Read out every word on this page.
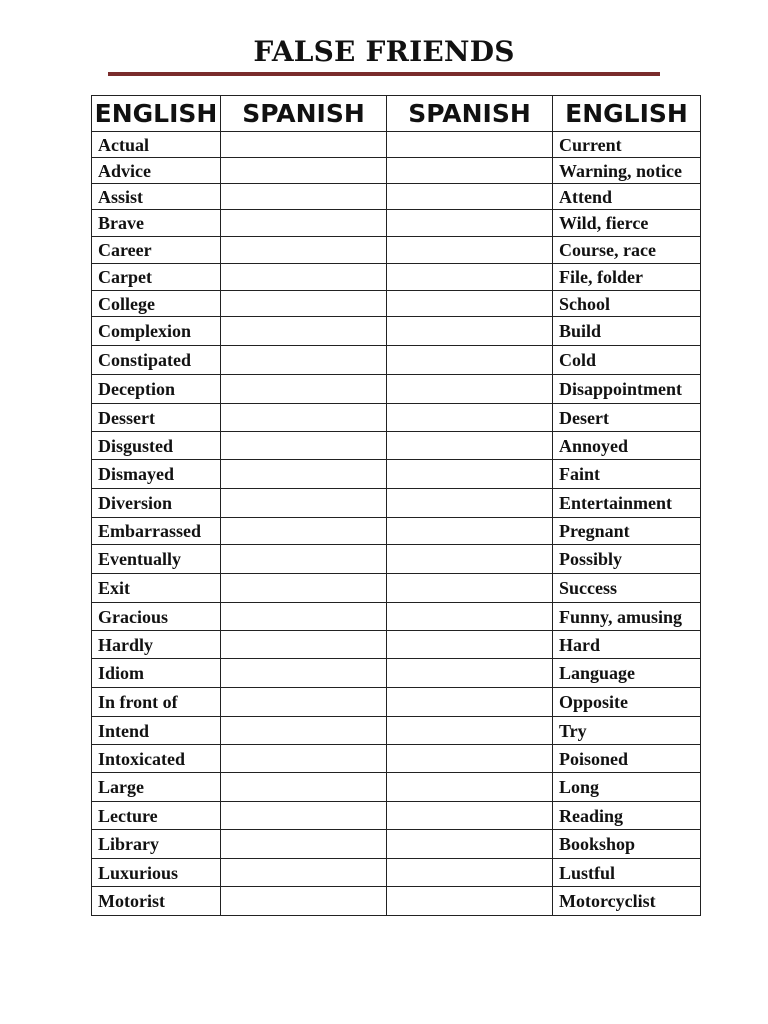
FALSE FRIENDS
ENGLISH	SPANISH	SPANISH	ENGLISH
Actual			Current
Advice			Warning, notice
Assist			Attend
Brave			Wild, fierce
Career			Course, race
Carpet			File, folder
College			School
Complexion			Build
Constipated			Cold
Deception			Disappointment
Dessert			Desert
Disgusted			Annoyed
Dismayed			Faint
Diversion			Entertainment
Embarrassed			Pregnant
Eventually			Possibly
Exit			Success
Gracious			Funny, amusing
Hardly			Hard
Idiom			Language
In front of			Opposite
Intend			Try
Intoxicated			Poisoned
Large			Long
Lecture			Reading
Library			Bookshop
Luxurious			Lustful
Motorist			Motorcyclist
